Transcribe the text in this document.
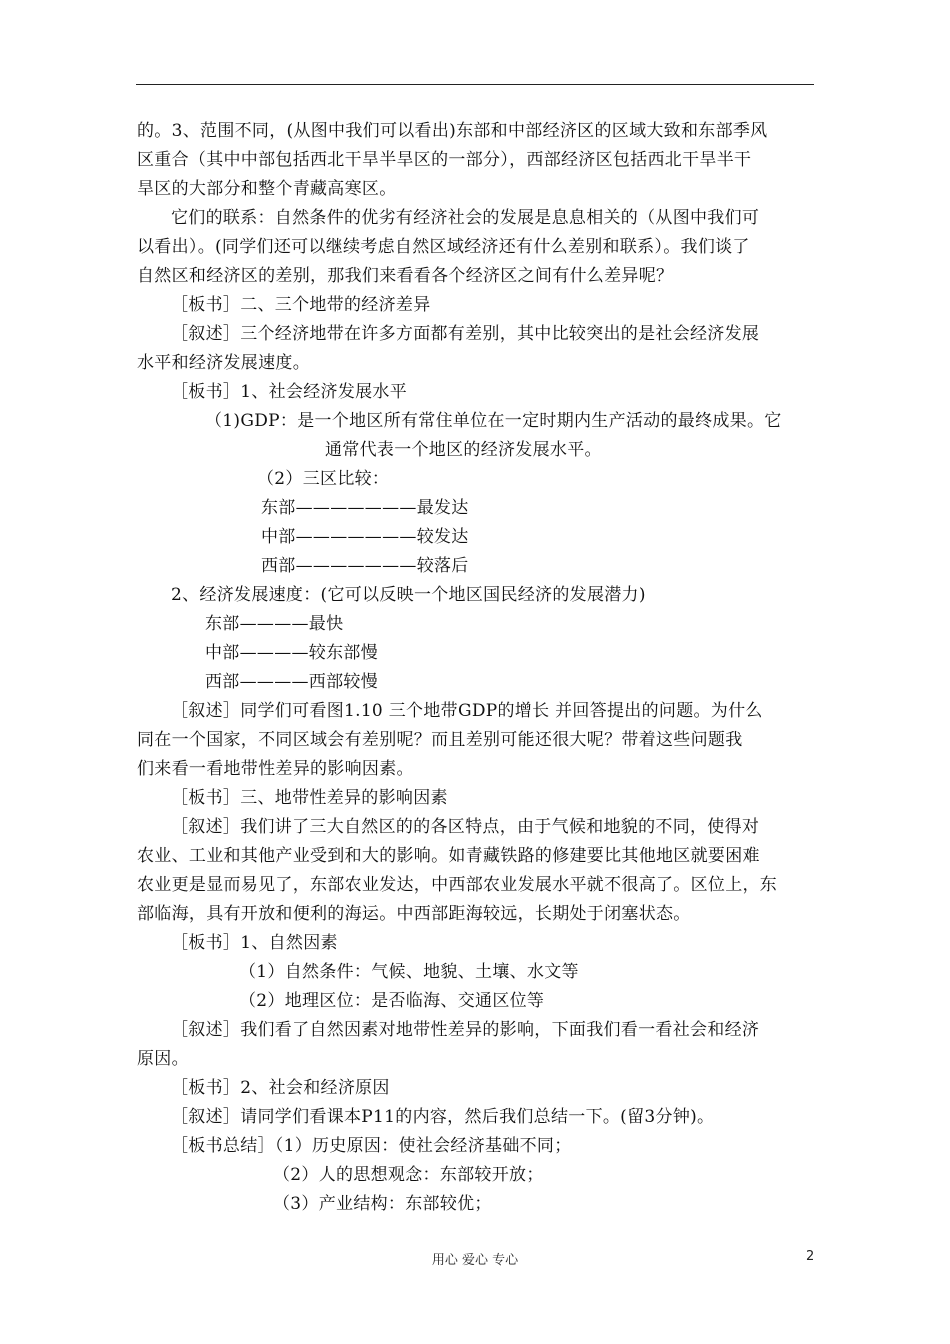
的。3、范围不同，(从图中我们可以看出)东部和中部经济区的区域大致和东部季风
区重合（其中中部包括西北干旱半旱区的一部分），西部经济区包括西北干旱半干
旱区的大部分和整个青藏高寒区。
它们的联系：自然条件的优劣有经济社会的发展是息息相关的（从图中我们可
以看出）。(同学们还可以继续考虑自然区域经济还有什么差别和联系）。我们谈了
自然区和经济区的差别，那我们来看看各个经济区之间有什么差异呢？
［板书］二、三个地带的经济差异
［叙述］三个经济地带在许多方面都有差别，其中比较突出的是社会经济发展
水平和经济发展速度。
［板书］1、社会经济发展水平
（1)GDP：是一个地区所有常住单位在一定时期内生产活动的最终成果。它
通常代表一个地区的经济发展水平。
（2）三区比较：
东部———————最发达
中部———————较发达
西部———————较落后
2、经济发展速度：(它可以反映一个地区国民经济的发展潜力)
东部————最快
中部————较东部慢
西部————西部较慢
［叙述］同学们可看图1.10 三个地带GDP的增长 并回答提出的问题。为什么
同在一个国家，不同区域会有差别呢？而且差别可能还很大呢？带着这些问题我
们来看一看地带性差异的影响因素。
［板书］三、地带性差异的影响因素
［叙述］我们讲了三大自然区的的各区特点，由于气候和地貌的不同，使得对
农业、工业和其他产业受到和大的影响。如青藏铁路的修建要比其他地区就要困难
农业更是显而易见了，东部农业发达，中西部农业发展水平就不很高了。区位上，东
部临海，具有开放和便利的海运。中西部距海较远，长期处于闭塞状态。
［板书］1、自然因素
（1）自然条件：气候、地貌、土壤、水文等
（2）地理区位：是否临海、交通区位等
［叙述］我们看了自然因素对地带性差异的影响，下面我们看一看社会和经济
原因。
［板书］2、社会和经济原因
［叙述］请同学们看课本P11的内容，然后我们总结一下。(留3分钟)。
［板书总结］（1）历史原因：使社会经济基础不同；
（2）人的思想观念：东部较开放；
（3）产业结构：东部较优；
用心 爱心 专心	2
